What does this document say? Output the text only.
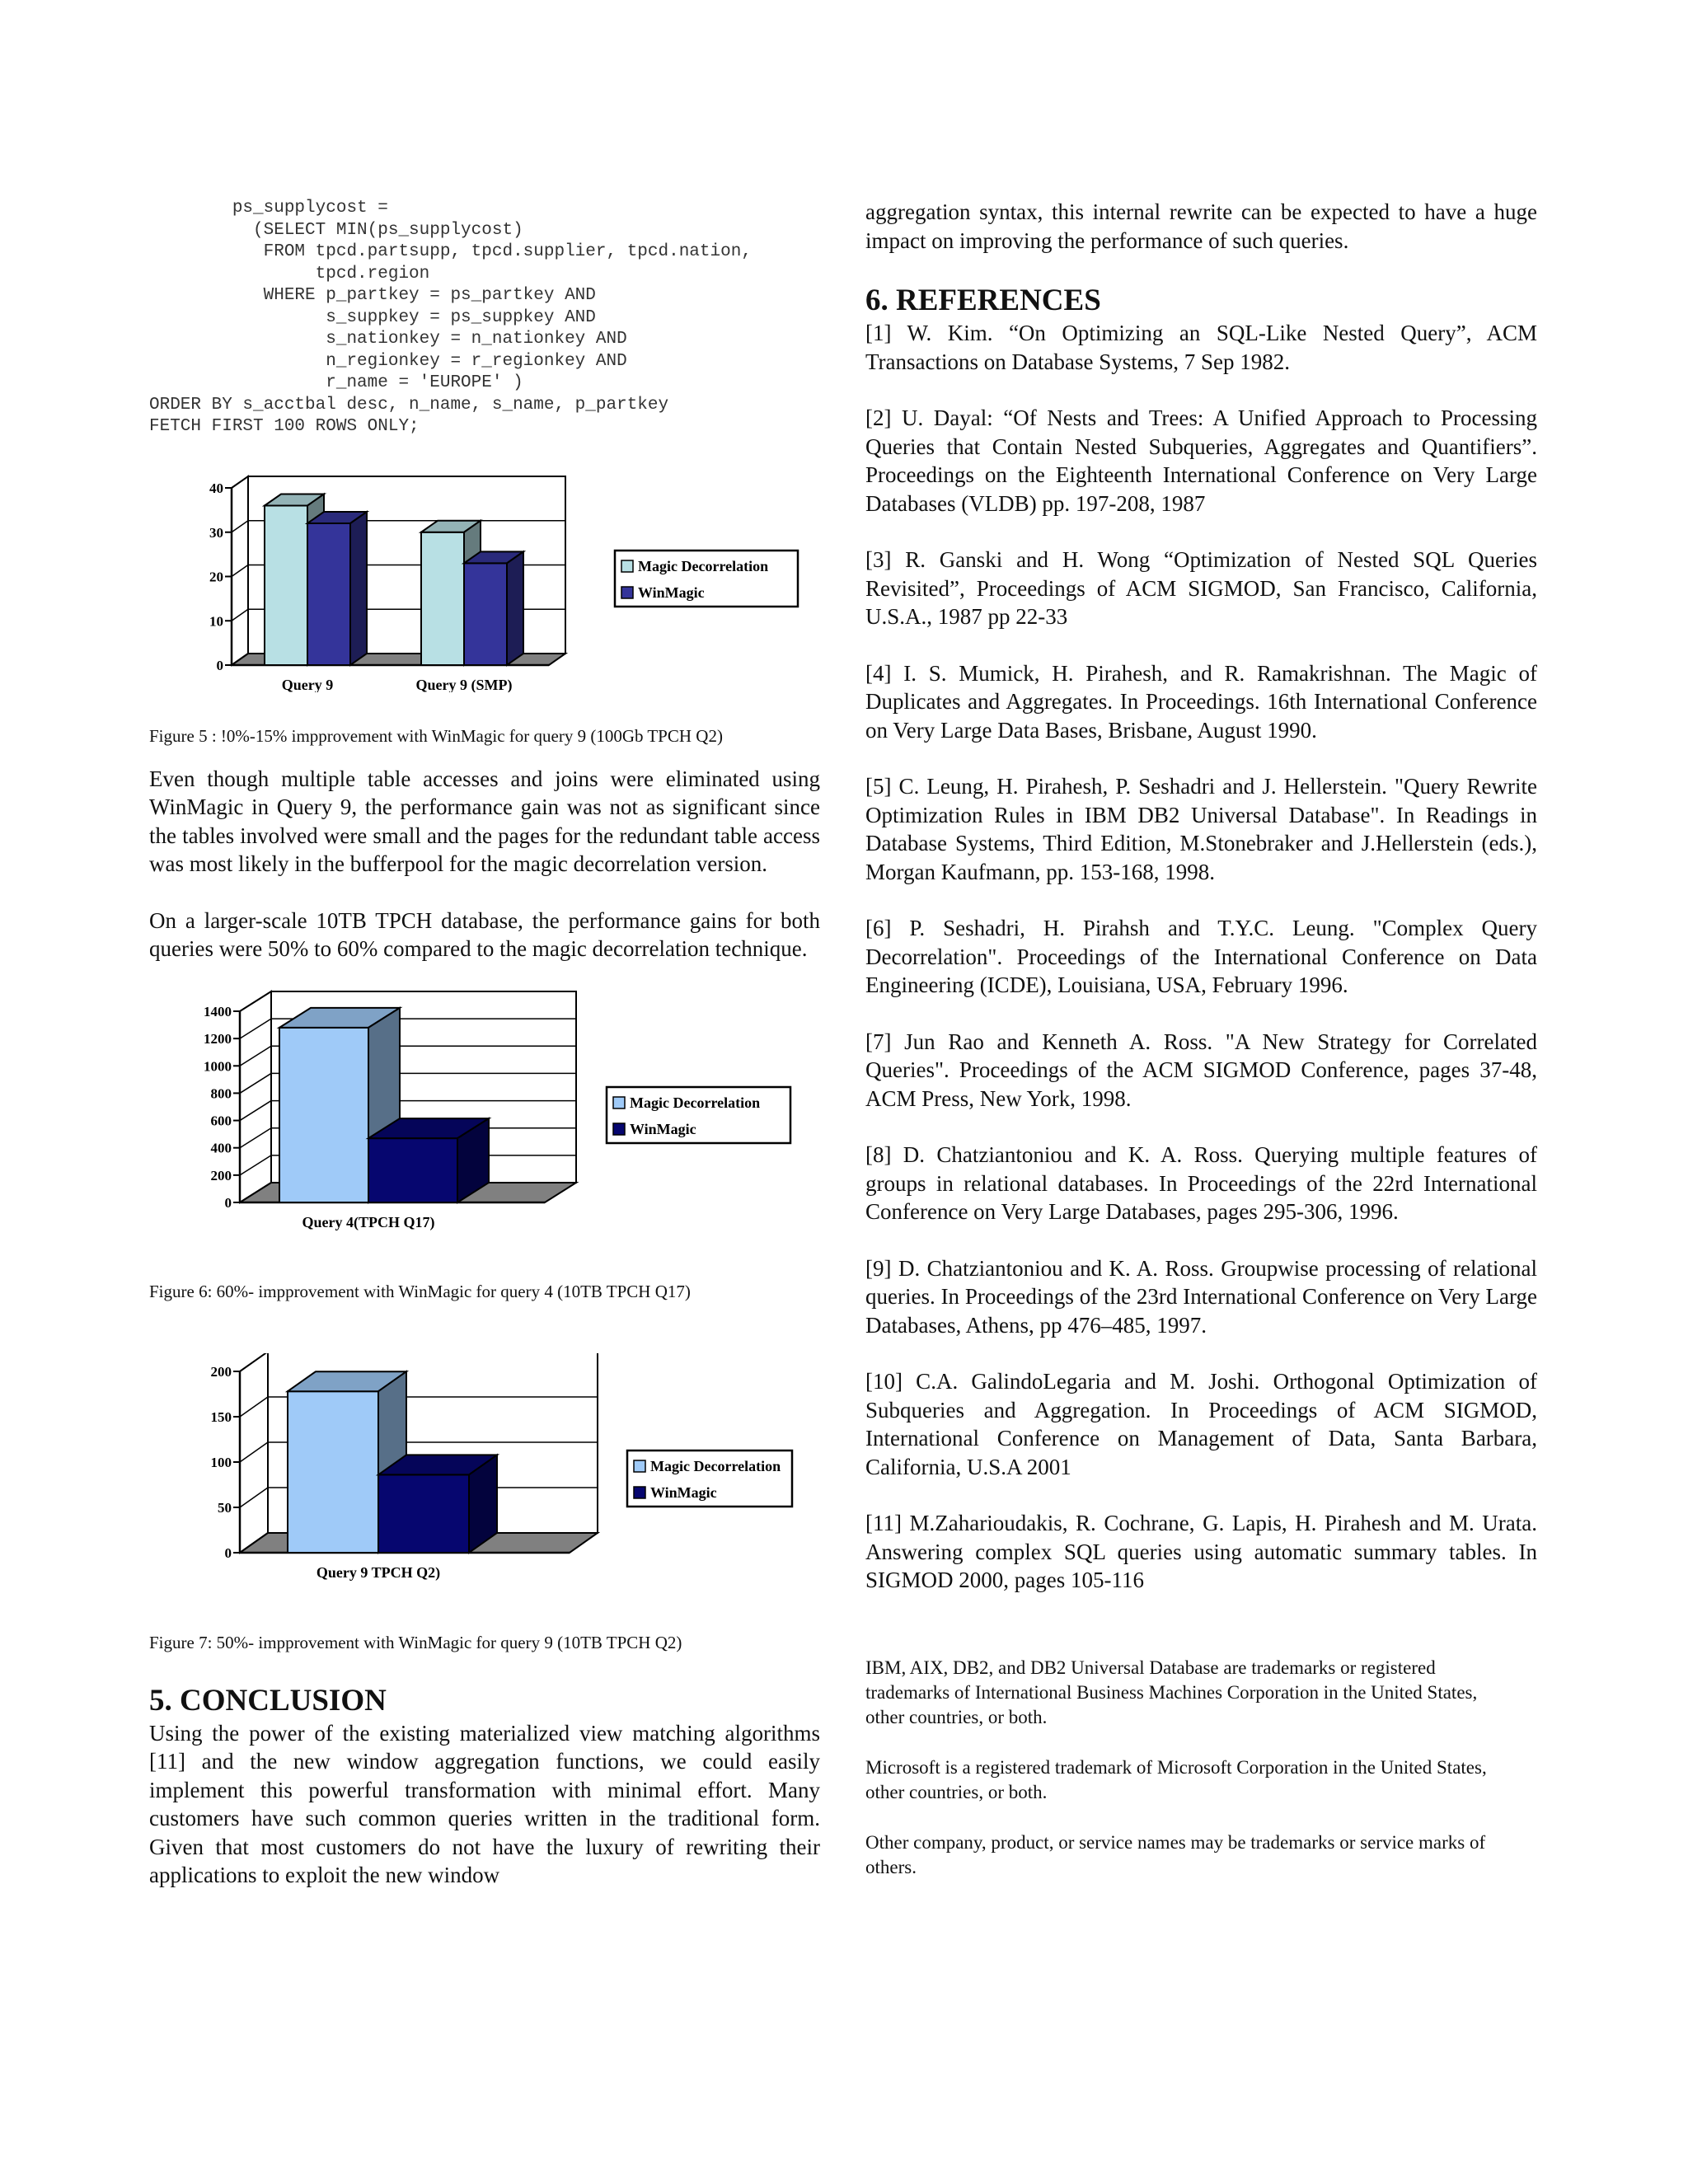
ps_supplycost =
(SELECT MIN(ps_supplycost)
FROM tpcd.partsupp, tpcd.supplier, tpcd.nation,
tpcd.region
WHERE p_partkey = ps_partkey AND
s_suppkey = ps_suppkey AND
s_nationkey = n_nationkey AND
n_regionkey = r_regionkey AND
r_name = 'EUROPE' )
ORDER BY s_acctbal desc, n_name, s_name, p_partkey
FETCH FIRST 100 ROWS ONLY;
0
10
20
30
40
Query 9	Query 9 (SMP)
Magic Decorrelation
WinMagic

Figure 5 : !0%-15% impprovement with WinMagic for query 9 (100Gb TPCH Q2)

Even though multiple table accesses and joins were eliminated using WinMagic in Query 9, the performance gain was not as significant since the tables involved were small and the pages for the redundant table access was most likely in the bufferpool for the magic decorrelation version.

On a larger-scale 10TB TPCH database, the performance gains for both queries were 50% to 60% compared to the magic decorrelation technique.

0
200
400
600
800
1000
1200
1400
Query 4(TPCH Q17)
Magic Decorrelation
WinMagic

Figure 6: 60%- impprovement with WinMagic for query 4 (10TB TPCH Q17)

0
50
100
150
200
Query 9 TPCH Q2)
Magic Decorrelation
WinMagic

Figure 7: 50%- impprovement with WinMagic for query 9 (10TB TPCH Q2)

5. CONCLUSION

Using the power of the existing materialized view matching algorithms [11] and the new window aggregation functions, we could easily implement this powerful transformation with minimal effort. Many customers have such common queries written in the traditional form. Given that most customers do not have the luxury of rewriting their applications to exploit the new window

aggregation syntax, this internal rewrite can be expected to have a huge impact on improving the performance of such queries.

6. REFERENCES

[1] W. Kim. “On Optimizing an SQL-Like Nested Query”, ACM Transactions on Database Systems, 7 Sep 1982.

[2] U. Dayal: “Of Nests and Trees: A Unified Approach to Processing Queries that Contain Nested Subqueries, Aggregates and Quantifiers”. Proceedings on the Eighteenth International Conference on Very Large Databases (VLDB) pp. 197-208, 1987

[3] R. Ganski and H. Wong “Optimization of Nested SQL Queries Revisited”, Proceedings of ACM SIGMOD, San Francisco, California, U.S.A., 1987 pp 22-33

[4] I. S. Mumick, H. Pirahesh, and R. Ramakrishnan. The Magic of Duplicates and Aggregates. In Proceedings. 16th International Conference on Very Large Data Bases, Brisbane, August 1990.

[5] C. Leung, H. Pirahesh, P. Seshadri and J. Hellerstein. "Query Rewrite Optimization Rules in IBM DB2 Universal Database". In Readings in Database Systems, Third Edition, M.Stonebraker and J.Hellerstein (eds.), Morgan Kaufmann, pp. 153-168, 1998.

[6] P. Seshadri, H. Pirahsh and T.Y.C. Leung. "Complex Query Decorrelation". Proceedings of the International Conference on Data Engineering (ICDE), Louisiana, USA, February 1996.

[7] Jun Rao and Kenneth A. Ross. "A New Strategy for Correlated Queries". Proceedings of the ACM SIGMOD Conference, pages 37-48, ACM Press, New York, 1998.

[8] D. Chatziantoniou and K. A. Ross. Querying multiple features of groups in relational databases. In Proceedings of the 22rd International Conference on Very Large Databases, pages 295-306, 1996.

[9] D. Chatziantoniou and K. A. Ross. Groupwise processing of relational queries. In Proceedings of the 23rd International Conference on Very Large Databases, Athens, pp 476–485, 1997.

[10] C.A. GalindoLegaria and M. Joshi. Orthogonal Optimization of Subqueries and Aggregation. In Proceedings of ACM SIGMOD, International Conference on Management of Data, Santa Barbara, California, U.S.A 2001

[11] M.Zaharioudakis, R. Cochrane, G. Lapis, H. Pirahesh and M. Urata. Answering complex SQL queries using automatic summary tables. In SIGMOD 2000, pages 105-116

IBM, AIX, DB2, and DB2 Universal Database are trademarks or registered trademarks of International Business Machines Corporation in the United States, other countries, or both.

Microsoft is a registered trademark of Microsoft Corporation in the United States, other countries, or both.

Other company, product, or service names may be trademarks or service marks of others.
